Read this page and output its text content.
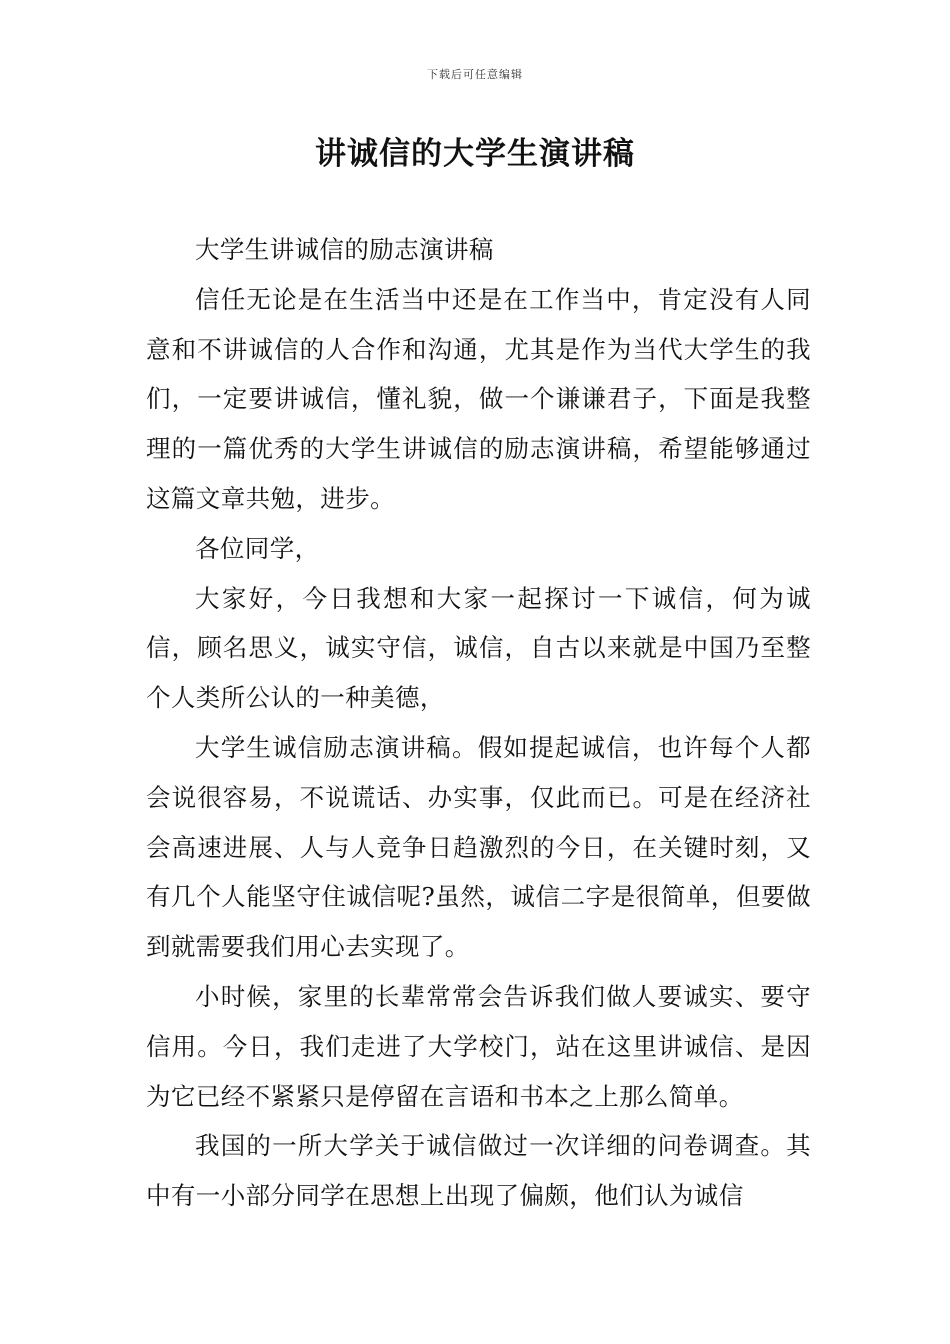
下载后可任意编辑
讲诚信的大学生演讲稿

大学生讲诚信的励志演讲稿

信任无论是在生活当中还是在工作当中，肯定没有人同意和不讲诚信的人合作和沟通，尤其是作为当代大学生的我们，一定要讲诚信，懂礼貌，做一个谦谦君子，下面是我整理的一篇优秀的大学生讲诚信的励志演讲稿，希望能够通过这篇文章共勉，进步。

各位同学，

大家好，今日我想和大家一起探讨一下诚信，何为诚信，顾名思义，诚实守信，诚信，自古以来就是中国乃至整个人类所公认的一种美德，

大学生诚信励志演讲稿。假如提起诚信，也许每个人都会说很容易，不说谎话、办实事，仅此而已。可是在经济社会高速进展、人与人竞争日趋激烈的今日，在关键时刻，又有几个人能坚守住诚信呢?虽然，诚信二字是很简单，但要做到就需要我们用心去实现了。

小时候，家里的长辈常常会告诉我们做人要诚实、要守信用。今日，我们走进了大学校门，站在这里讲诚信、是因为它已经不紧紧只是停留在言语和书本之上那么简单。

我国的一所大学关于诚信做过一次详细的问卷调查。其中有一小部分同学在思想上出现了偏颇，他们认为诚信
